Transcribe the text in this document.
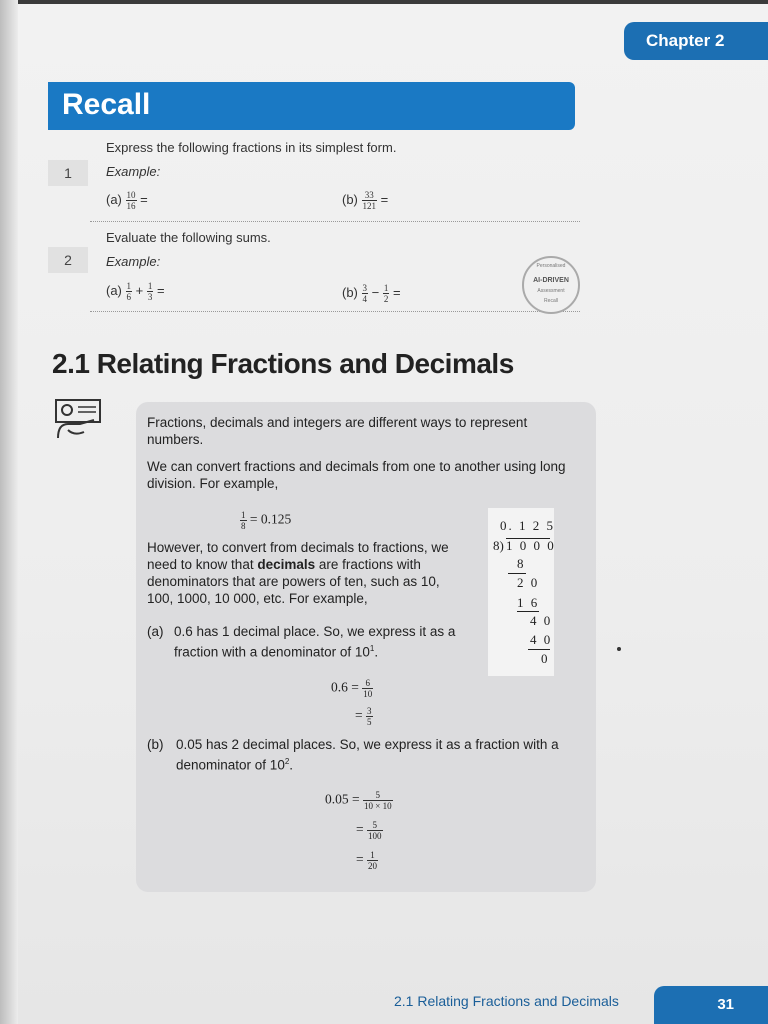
Chapter 2
Recall
1
Express the following fractions in its simplest form.
Example:
$(a) \frac{10}{16}$ =	$(b) \frac{33}{121}$ =
2
Evaluate the following sums.
Example:
$(a) \frac{1}{6} + \frac{1}{3}$ =	$(b) \frac{3}{4} - \frac{1}{2}$ =
Personalised
AI-DRIVEN
Assessment
Recall
2.1 Relating Fractions and Decimals
Fractions, decimals and integers are different ways to represent numbers.
We can convert fractions and decimals from one to another using long division. For example,
$\frac{1}{8} = 0.125$
However, to convert from decimals to fractions, we need to know that decimals are fractions with denominators that are powers of ten, such as 10, 100, 1000, 10 000, etc. For example,
(a) 0.6 has 1 decimal place. So, we express it as a fraction with a denominator of $10^1$.
$0.6 = \frac{6}{10}$
= $\frac{3}{5}$
(b) 0.05 has 2 decimal places. So, we express it as a fraction with a denominator of $10^2$.
$0.05 = \frac{5}{10 \times 10}$
= $\frac{5}{100}$
= $\frac{1}{20}$
0. 1 2 5
8) 1 0 0 0
8
2 0
1 6
4 0
4 0
0
2.1 Relating Fractions and Decimals	31
